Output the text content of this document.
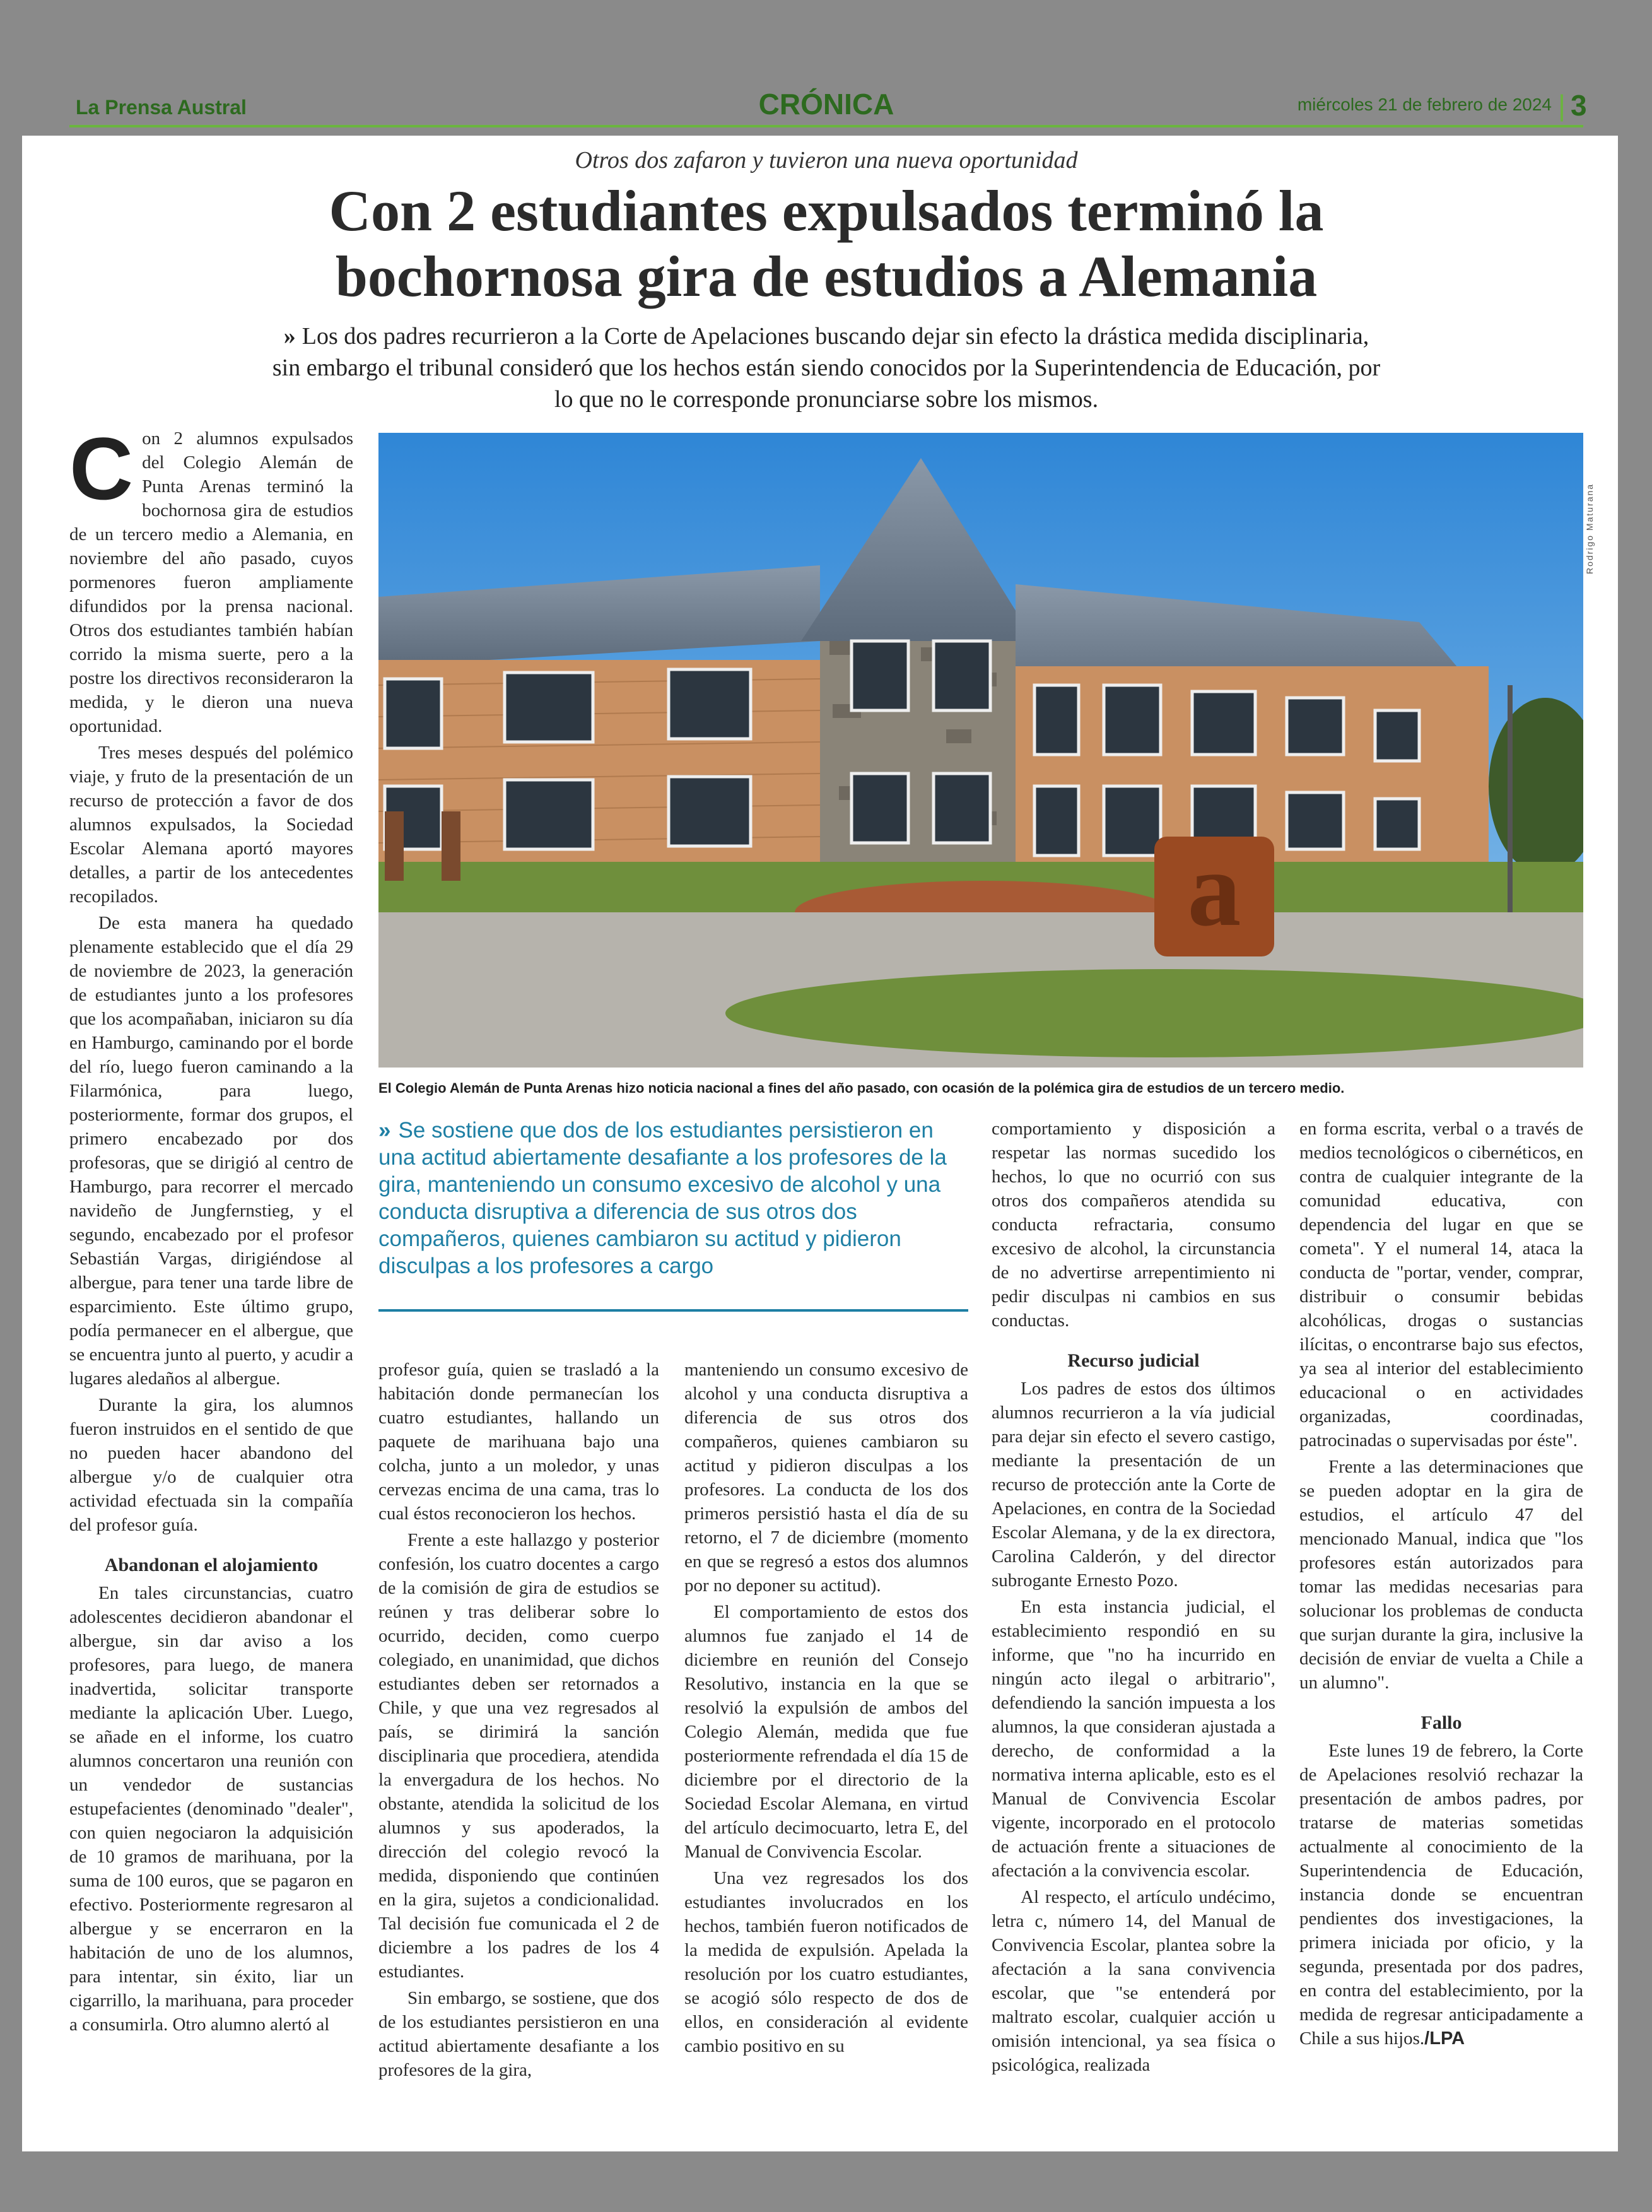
La Prensa Austral	CRÓNICA	miércoles 21 de febrero de 2024 | 3
Otros dos zafaron y tuvieron una nueva oportunidad
Con 2 estudiantes expulsados terminó la
bochornosa gira de estudios a Alemania
» Los dos padres recurrieron a la Corte de Apelaciones buscando dejar sin efecto la drástica medida disciplinaria, sin embargo el tribunal consideró que los hechos están siendo conocidos por la Superintendencia de Educación, por lo que no le corresponde pronunciarse sobre los mismos.
a
Rodrigo Maturana
El Colegio Alemán de Punta Arenas hizo noticia nacional a fines del año pasado, con ocasión de la polémica gira de estudios de un tercero medio.
» Se sostiene que dos de los estudiantes persistieron en una actitud abiertamente desafiante a los profesores de la gira, manteniendo un consumo excesivo de alcohol y una conducta disruptiva a diferencia de sus otros dos compañeros, quienes cambiaron su actitud y pidieron disculpas a los profesores a cargo

Con 2 alumnos expulsados del Colegio Alemán de Punta Arenas terminó la bochornosa gira de estudios de un tercero medio a Alemania, en noviembre del año pasado, cuyos pormenores fueron ampliamente difundidos por la prensa nacional. Otros dos estudiantes también habían corrido la misma suerte, pero a la postre los directivos reconsideraron la medida, y le dieron una nueva oportunidad.

Tres meses después del polémico viaje, y fruto de la presentación de un recurso de protección a favor de dos alumnos expulsados, la Sociedad Escolar Alemana aportó mayores detalles, a partir de los antecedentes recopilados.

De esta manera ha quedado plenamente establecido que el día 29 de noviembre de 2023, la generación de estudiantes junto a los profesores que los acompañaban, iniciaron su día en Hamburgo, caminando por el borde del río, luego fueron caminando a la Filarmónica, para luego, posteriormente, formar dos grupos, el primero encabezado por dos profesoras, que se dirigió al centro de Hamburgo, para recorrer el mercado navideño de Jungfernstieg, y el segundo, encabezado por el profesor Sebastián Vargas, dirigiéndose al albergue, para tener una tarde libre de esparcimiento. Este último grupo, podía permanecer en el albergue, que se encuentra junto al puerto, y acudir a lugares aledaños al albergue.

Durante la gira, los alumnos fueron instruidos en el sentido de que no pueden hacer abandono del albergue y/o de cualquier otra actividad efectuada sin la compañía del profesor guía.

Abandonan el alojamiento

En tales circunstancias, cuatro adolescentes decidieron abandonar el albergue, sin dar aviso a los profesores, para luego, de manera inadvertida, solicitar transporte mediante la aplicación Uber. Luego, se añade en el informe, los cuatro alumnos concertaron una reunión con un vendedor de sustancias estupefacientes (denominado "dealer", con quien negociaron la adquisición de 10 gramos de marihuana, por la suma de 100 euros, que se pagaron en efectivo. Posteriormente regresaron al albergue y se encerraron en la habitación de uno de los alumnos, para intentar, sin éxito, liar un cigarrillo, la marihuana, para proceder a consumirla. Otro alumno alertó al

profesor guía, quien se trasladó a la habitación donde permanecían los cuatro estudiantes, hallando un paquete de marihuana bajo una colcha, junto a un moledor, y unas cervezas encima de una cama, tras lo cual éstos reconocieron los hechos.

Frente a este hallazgo y posterior confesión, los cuatro docentes a cargo de la comisión de gira de estudios se reúnen y tras deliberar sobre lo ocurrido, deciden, como cuerpo colegiado, en unanimidad, que dichos estudiantes deben ser retornados a Chile, y que una vez regresados al país, se dirimirá la sanción disciplinaria que procediera, atendida la envergadura de los hechos. No obstante, atendida la solicitud de los alumnos y sus apoderados, la dirección del colegio revocó la medida, disponiendo que continúen en la gira, sujetos a condicionalidad. Tal decisión fue comunicada el 2 de diciembre a los padres de los 4 estudiantes.

Sin embargo, se sostiene, que dos de los estudiantes persistieron en una actitud abiertamente desafiante a los profesores de la gira,

manteniendo un consumo excesivo de alcohol y una conducta disruptiva a diferencia de sus otros dos compañeros, quienes cambiaron su actitud y pidieron disculpas a los profesores. La conducta de los dos primeros persistió hasta el día de su retorno, el 7 de diciembre (momento en que se regresó a estos dos alumnos por no deponer su actitud).

El comportamiento de estos dos alumnos fue zanjado el 14 de diciembre en reunión del Consejo Resolutivo, instancia en la que se resolvió la expulsión de ambos del Colegio Alemán, medida que fue posteriormente refrendada el día 15 de diciembre por el directorio de la Sociedad Escolar Alemana, en virtud del artículo decimocuarto, letra E, del Manual de Convivencia Escolar.

Una vez regresados los dos estudiantes involucrados en los hechos, también fueron notificados de la medida de expulsión. Apelada la resolución por los cuatro estudiantes, se acogió sólo respecto de dos de ellos, en consideración al evidente cambio positivo en su

comportamiento y disposición a respetar las normas sucedido los hechos, lo que no ocurrió con sus otros dos compañeros atendida su conducta refractaria, consumo excesivo de alcohol, la circunstancia de no advertirse arrepentimiento ni pedir disculpas ni cambios en sus conductas.

Recurso judicial

Los padres de estos dos últimos alumnos recurrieron a la vía judicial para dejar sin efecto el severo castigo, mediante la presentación de un recurso de protección ante la Corte de Apelaciones, en contra de la Sociedad Escolar Alemana, y de la ex directora, Carolina Calderón, y del director subrogante Ernesto Pozo.

En esta instancia judicial, el establecimiento respondió en su informe, que "no ha incurrido en ningún acto ilegal o arbitrario", defendiendo la sanción impuesta a los alumnos, la que consideran ajustada a derecho, de conformidad a la normativa interna aplicable, esto es el Manual de Convivencia Escolar vigente, incorporado en el protocolo de actuación frente a situaciones de afectación a la convivencia escolar.

Al respecto, el artículo undécimo, letra c, número 14, del Manual de Convivencia Escolar, plantea sobre la afectación a la sana convivencia escolar, que "se entenderá por maltrato escolar, cualquier acción u omisión intencional, ya sea física o psicológica, realizada

en forma escrita, verbal o a través de medios tecnológicos o cibernéticos, en contra de cualquier integrante de la comunidad educativa, con dependencia del lugar en que se cometa". Y el numeral 14, ataca la conducta de "portar, vender, comprar, distribuir o consumir bebidas alcohólicas, drogas o sustancias ilícitas, o encontrarse bajo sus efectos, ya sea al interior del establecimiento educacional o en actividades organizadas, coordinadas, patrocinadas o supervisadas por éste".

Frente a las determinaciones que se pueden adoptar en la gira de estudios, el artículo 47 del mencionado Manual, indica que "los profesores están autorizados para tomar las medidas necesarias para solucionar los problemas de conducta que surjan durante la gira, inclusive la decisión de enviar de vuelta a Chile a un alumno".

Fallo

Este lunes 19 de febrero, la Corte de Apelaciones resolvió rechazar la presentación de ambos padres, por tratarse de materias sometidas actualmente al conocimiento de la Superintendencia de Educación, instancia donde se encuentran pendientes dos investigaciones, la primera iniciada por oficio, y la segunda, presentada por dos padres, en contra del establecimiento, por la medida de regresar anticipadamente a Chile a sus hijos./LPA
